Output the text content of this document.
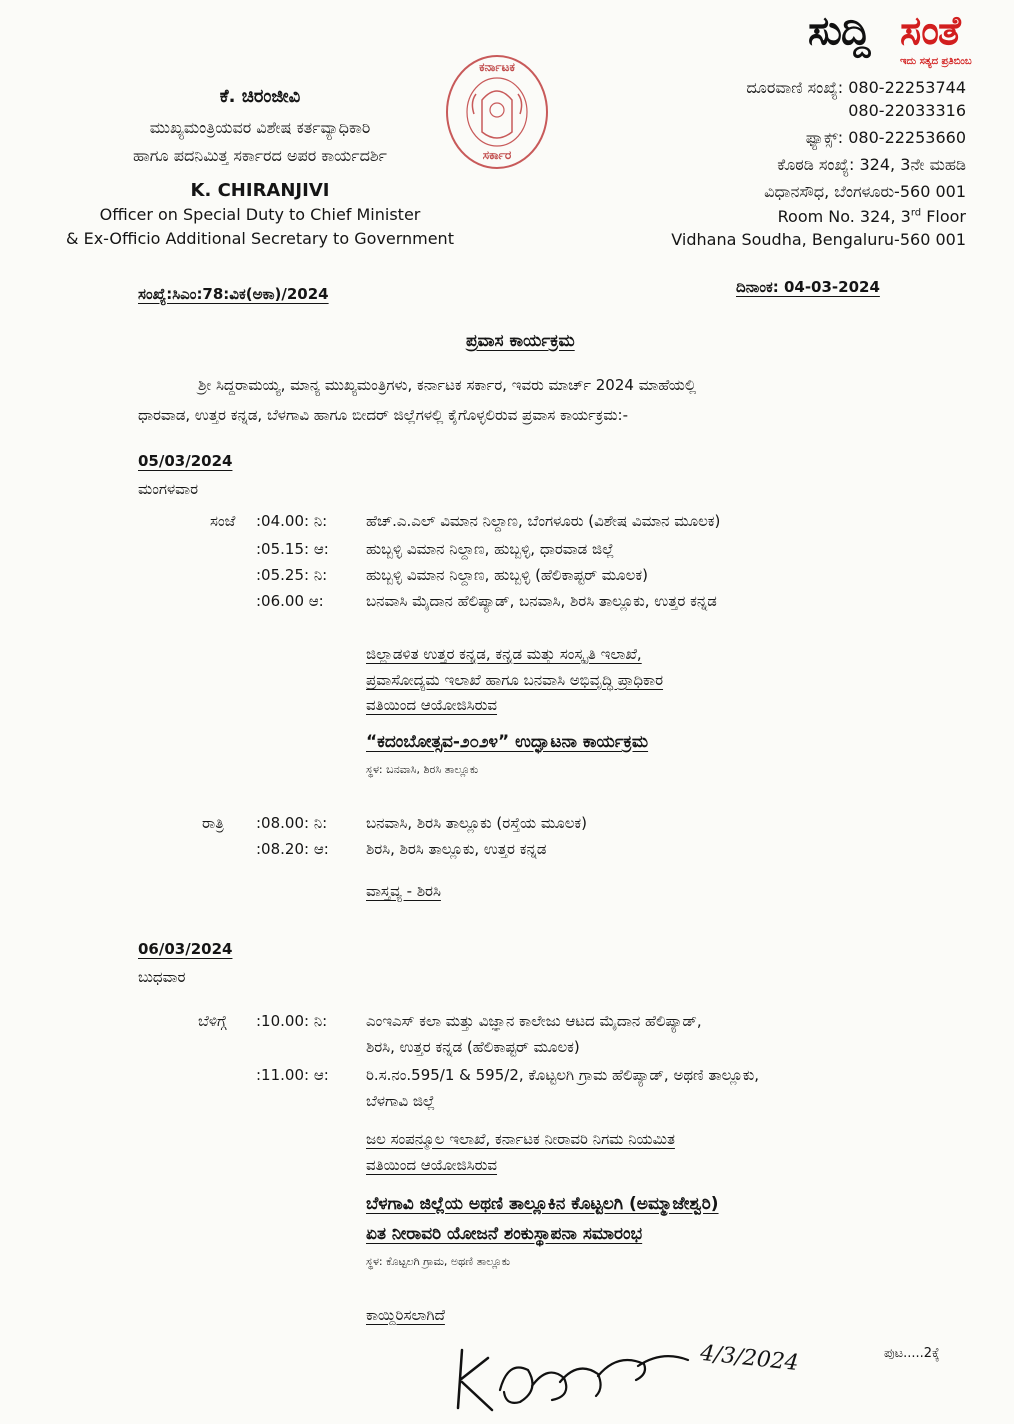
ಸುದ್ದಿ ಸಂತೆ
ಇದು ಸತ್ಯದ ಪ್ರತಿಬಿಂಬ
ಕೆ. ಚಿರಂಜೀವಿ
ಮುಖ್ಯಮಂತ್ರಿಯವರ ವಿಶೇಷ ಕರ್ತವ್ಯಾಧಿಕಾರಿ
ಹಾಗೂ ಪದನಿಮಿತ್ತ ಸರ್ಕಾರದ ಅಪರ ಕಾರ್ಯದರ್ಶಿ
K. CHIRANJIVI
Officer on Special Duty to Chief Minister
& Ex-Officio Additional Secretary to Government
ಕರ್ನಾಟಕ
ಸರ್ಕಾರ
ದೂರವಾಣಿ ಸಂಖ್ಯೆ: 080-22253744
080-22033316
ಫ್ಯಾಕ್ಸ್: 080-22253660
ಕೊಠಡಿ ಸಂಖ್ಯೆ: 324, 3ನೇ ಮಹಡಿ
ವಿಧಾನಸೌಧ, ಬೆಂಗಳೂರು-560 001
Room No. 324, 3rd Floor
Vidhana Soudha, Bengaluru-560 001
ಸಂಖ್ಯೆ:ಸಿಎಂ:78:ವಿಕ(ಅಕಾ)/2024	ದಿನಾಂಕ: 04-03-2024
ಪ್ರವಾಸ ಕಾರ್ಯಕ್ರಮ
ಶ್ರೀ ಸಿದ್ದರಾಮಯ್ಯ, ಮಾನ್ಯ ಮುಖ್ಯಮಂತ್ರಿಗಳು, ಕರ್ನಾಟಕ ಸರ್ಕಾರ, ಇವರು ಮಾರ್ಚ್ 2024 ಮಾಹೆಯಲ್ಲಿ
ಧಾರವಾಡ, ಉತ್ತರ ಕನ್ನಡ, ಬೆಳಗಾವಿ ಹಾಗೂ ಬೀದರ್ ಜಿಲ್ಲೆಗಳಲ್ಲಿ ಕೈಗೊಳ್ಳಲಿರುವ ಪ್ರವಾಸ ಕಾರ್ಯಕ್ರಮ:-
05/03/2024
ಮಂಗಳವಾರ
ಸಂಜೆ :04.00: ನಿ:	ಹೆಚ್.ಎ.ಎಲ್ ವಿಮಾನ ನಿಲ್ದಾಣ, ಬೆಂಗಳೂರು (ವಿಶೇಷ ವಿಮಾನ ಮೂಲಕ)
:05.15: ಆ: ಹುಬ್ಬಳ್ಳಿ ವಿಮಾನ ನಿಲ್ದಾಣ, ಹುಬ್ಬಳ್ಳಿ, ಧಾರವಾಡ ಜಿಲ್ಲೆ
:05.25: ನಿ:	ಹುಬ್ಬಳ್ಳಿ ವಿಮಾನ ನಿಲ್ದಾಣ, ಹುಬ್ಬಳ್ಳಿ (ಹೆಲಿಕಾಪ್ಟರ್ ಮೂಲಕ)
:06.00 ಆ:	ಬನವಾಸಿ ಮೈದಾನ ಹೆಲಿಪ್ಯಾಡ್, ಬನವಾಸಿ, ಶಿರಸಿ ತಾಲ್ಲೂಕು, ಉತ್ತರ ಕನ್ನಡ
ಜಿಲ್ಲಾಡಳಿತ ಉತ್ತರ ಕನ್ನಡ, ಕನ್ನಡ ಮತ್ತು ಸಂಸ್ಕೃತಿ ಇಲಾಖೆ,
ಪ್ರವಾಸೋದ್ಯಮ ಇಲಾಖೆ ಹಾಗೂ ಬನವಾಸಿ ಅಭಿವೃದ್ಧಿ ಪ್ರಾಧಿಕಾರ
ವತಿಯಿಂದ ಆಯೋಜಿಸಿರುವ
“ಕದಂಬೋತ್ಸವ-೨೦೨೪” ಉದ್ಘಾಟನಾ ಕಾರ್ಯಕ್ರಮ
ಸ್ಥಳ: ಬನವಾಸಿ, ಶಿರಸಿ ತಾಲ್ಲೂಕು
ರಾತ್ರಿ :08.00: ನಿ:	ಬನವಾಸಿ, ಶಿರಸಿ ತಾಲ್ಲೂಕು (ರಸ್ತೆಯ ಮೂಲಕ)
:08.20: ಆ: ಶಿರಸಿ, ಶಿರಸಿ ತಾಲ್ಲೂಕು, ಉತ್ತರ ಕನ್ನಡ
ವಾಸ್ತವ್ಯ - ಶಿರಸಿ
06/03/2024
ಬುಧವಾರ
ಬೆಳಿಗ್ಗೆ :10.00: ನಿ:	ಎಂಇಎಸ್ ಕಲಾ ಮತ್ತು ವಿಜ್ಞಾನ ಕಾಲೇಜು ಆಟದ ಮೈದಾನ ಹೆಲಿಪ್ಯಾಡ್,
ಶಿರಸಿ, ಉತ್ತರ ಕನ್ನಡ (ಹೆಲಿಕಾಪ್ಟರ್ ಮೂಲಕ)
:11.00: ಆ: ರಿ.ಸ.ನಂ.595/1 & 595/2, ಕೊಟ್ಟಲಗಿ ಗ್ರಾಮ ಹೆಲಿಪ್ಯಾಡ್, ಅಥಣಿ ತಾಲ್ಲೂಕು,
ಬೆಳಗಾವಿ ಜಿಲ್ಲೆ
ಜಲ ಸಂಪನ್ಮೂಲ ಇಲಾಖೆ, ಕರ್ನಾಟಕ ನೀರಾವರಿ ನಿಗಮ ನಿಯಮಿತ
ವತಿಯಿಂದ ಆಯೋಜಿಸಿರುವ
ಬೆಳಗಾವಿ ಜಿಲ್ಲೆಯ ಅಥಣಿ ತಾಲ್ಲೂಕಿನ ಕೊಟ್ಟಲಗಿ (ಅಮ್ಮಾಜೇಶ್ವರಿ)
ಏತ ನೀರಾವರಿ ಯೋಜನೆ ಶಂಕುಸ್ಥಾಪನಾ ಸಮಾರಂಭ
ಸ್ಥಳ: ಕೊಟ್ಟಲಗಿ ಗ್ರಾಮ, ಅಥಣಿ ತಾಲ್ಲೂಕು
ಕಾಯ್ದಿರಿಸಲಾಗಿದೆ
4/3/2024	ಪುಟ.....2ಕ್ಕೆ
